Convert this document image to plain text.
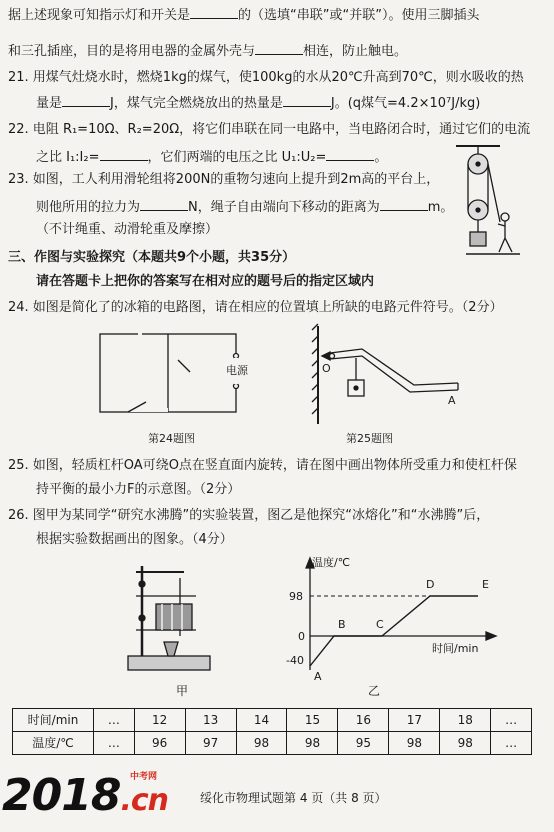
据上述现象可知指示灯和开关是	的（选填“串联”或“并联”）。使用三脚插头
和三孔插座，目的是将用电器的金属外壳与	相连，防止触电。
21. 用煤气灶烧水时，燃烧1kg的煤气，使100kg的水从20℃升高到70℃，则水吸收的热
量是	J，煤气完全燃烧放出的热量是	J。(q煤气=4.2×10⁷J/kg)
22. 电阻 R₁=10Ω、R₂=20Ω，将它们串联在同一电路中，当电路闭合时，通过它们的电流
之比 I₁:I₂=	，它们两端的电压之比 U₁:U₂=	。
23. 如图，工人利用滑轮组将200N的重物匀速向上提升到2m高的平台上，
则他所用的拉力为	N，绳子自由端向下移动的距离为	m。
（不计绳重、动滑轮重及摩擦）
三、作图与实验探究（本题共9个小题，共35分）
请在答题卡上把你的答案写在相对应的题号后的指定区域内
24. 如图是简化了的冰箱的电路图，请在相应的位置填上所缺的电路元件符号。（2分）
第24题图	第25题图
25. 如图，轻质杠杆OA可绕O点在竖直面内旋转，请在图中画出物体所受重力和使杠杆保
持平衡的最小力F的示意图。（2分）
26. 图甲为某同学“研究水沸腾”的实验装置，图乙是他探究“冰熔化”和“水沸腾”后，
根据实验数据画出的图象。（4分）
电源	O
A
甲	乙
温度/℃
时间/min
98
0
-40
A
B	C
D	E
时间/min	…	12	13	14	15	16	17	18	…
温度/℃	…	96	97	98	98	95	98	98	…
绥化市物理试题第 4 页（共 8 页）
2018.cn
中考网
